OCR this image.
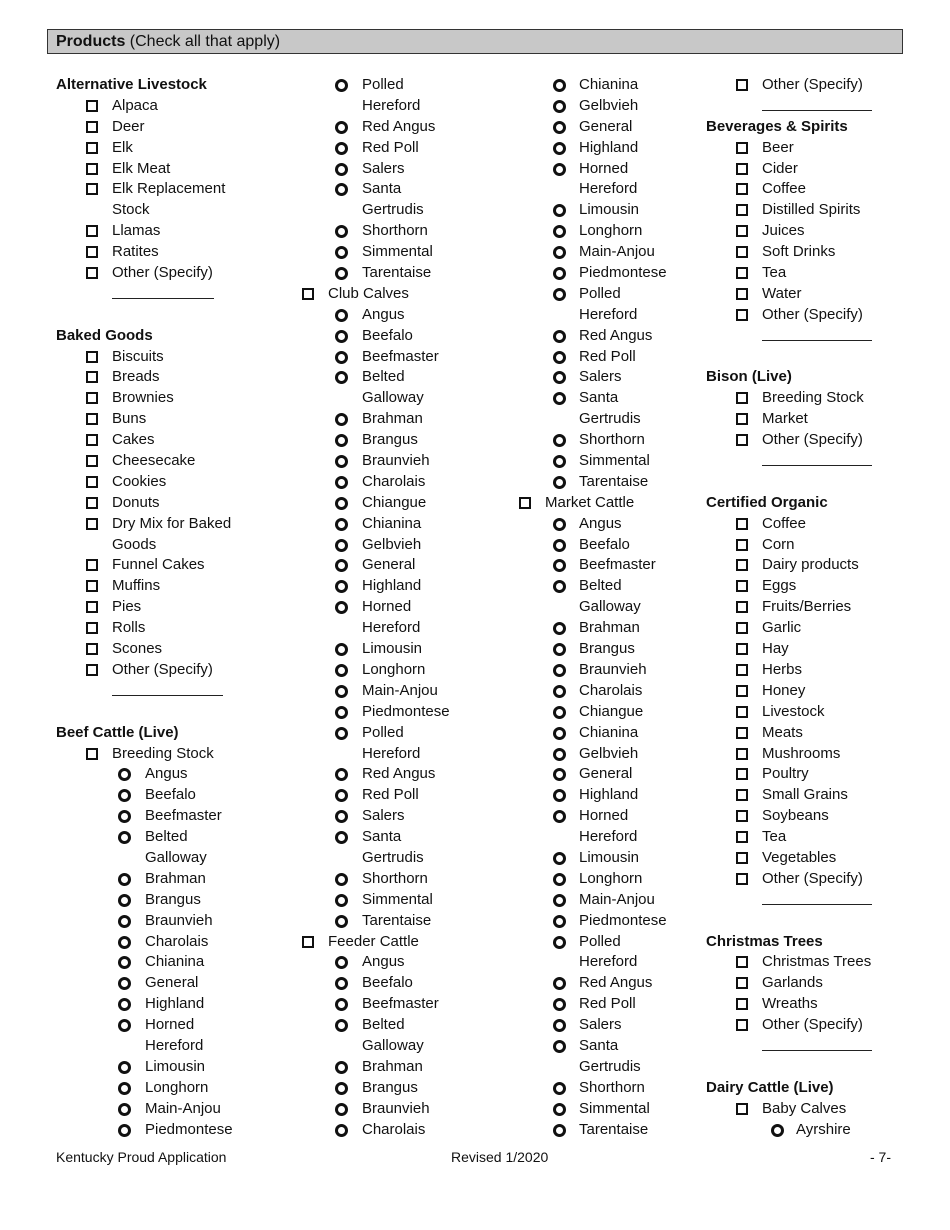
Products (Check all that apply)
Alternative Livestock
Alpaca
Deer
Elk
Elk Meat
Elk Replacement
Stock
Llamas
Ratites
Other (Specify)
Baked Goods
Biscuits
Breads
Brownies
Buns
Cakes
Cheesecake
Cookies
Donuts
Dry Mix for Baked
Goods
Funnel Cakes
Muffins
Pies
Rolls
Scones
Other (Specify)
Beef Cattle (Live)
Breeding Stock
Angus
Beefalo
Beefmaster
Belted
Galloway
Brahman
Brangus
Braunvieh
Charolais
Chianina
General
Highland
Horned
Hereford
Limousin
Longhorn
Main-Anjou
Piedmontese
Polled
Hereford
Red Angus
Red Poll
Salers
Santa
Gertrudis
Shorthorn
Simmental
Tarentaise
Club Calves
Angus
Beefalo
Beefmaster
Belted
Galloway
Brahman
Brangus
Braunvieh
Charolais
Chiangue
Chianina
Gelbvieh
General
Highland
Horned
Hereford
Limousin
Longhorn
Main-Anjou
Piedmontese
Polled
Hereford
Red Angus
Red Poll
Salers
Santa
Gertrudis
Shorthorn
Simmental
Tarentaise
Feeder Cattle
Angus
Beefalo
Beefmaster
Belted
Galloway
Brahman
Brangus
Braunvieh
Charolais
Chianina
Gelbvieh
General
Highland
Horned
Hereford
Limousin
Longhorn
Main-Anjou
Piedmontese
Polled
Hereford
Red Angus
Red Poll
Salers
Santa
Gertrudis
Shorthorn
Simmental
Tarentaise
Market Cattle
Angus
Beefalo
Beefmaster
Belted
Galloway
Brahman
Brangus
Braunvieh
Charolais
Chiangue
Chianina
Gelbvieh
General
Highland
Horned
Hereford
Limousin
Longhorn
Main-Anjou
Piedmontese
Polled
Hereford
Red Angus
Red Poll
Salers
Santa
Gertrudis
Shorthorn
Simmental
Tarentaise
Other (Specify)
Beverages & Spirits
Beer
Cider
Coffee
Distilled Spirits
Juices
Soft Drinks
Tea
Water
Other (Specify)
Bison (Live)
Breeding Stock
Market
Other (Specify)
Certified Organic
Coffee
Corn
Dairy products
Eggs
Fruits/Berries
Garlic
Hay
Herbs
Honey
Livestock
Meats
Mushrooms
Poultry
Small Grains
Soybeans
Tea
Vegetables
Other (Specify)
Christmas Trees
Christmas Trees
Garlands
Wreaths
Other (Specify)
Dairy Cattle (Live)
Baby Calves
Ayrshire
Kentucky Proud Application	Revised 1/2020	- 7-
